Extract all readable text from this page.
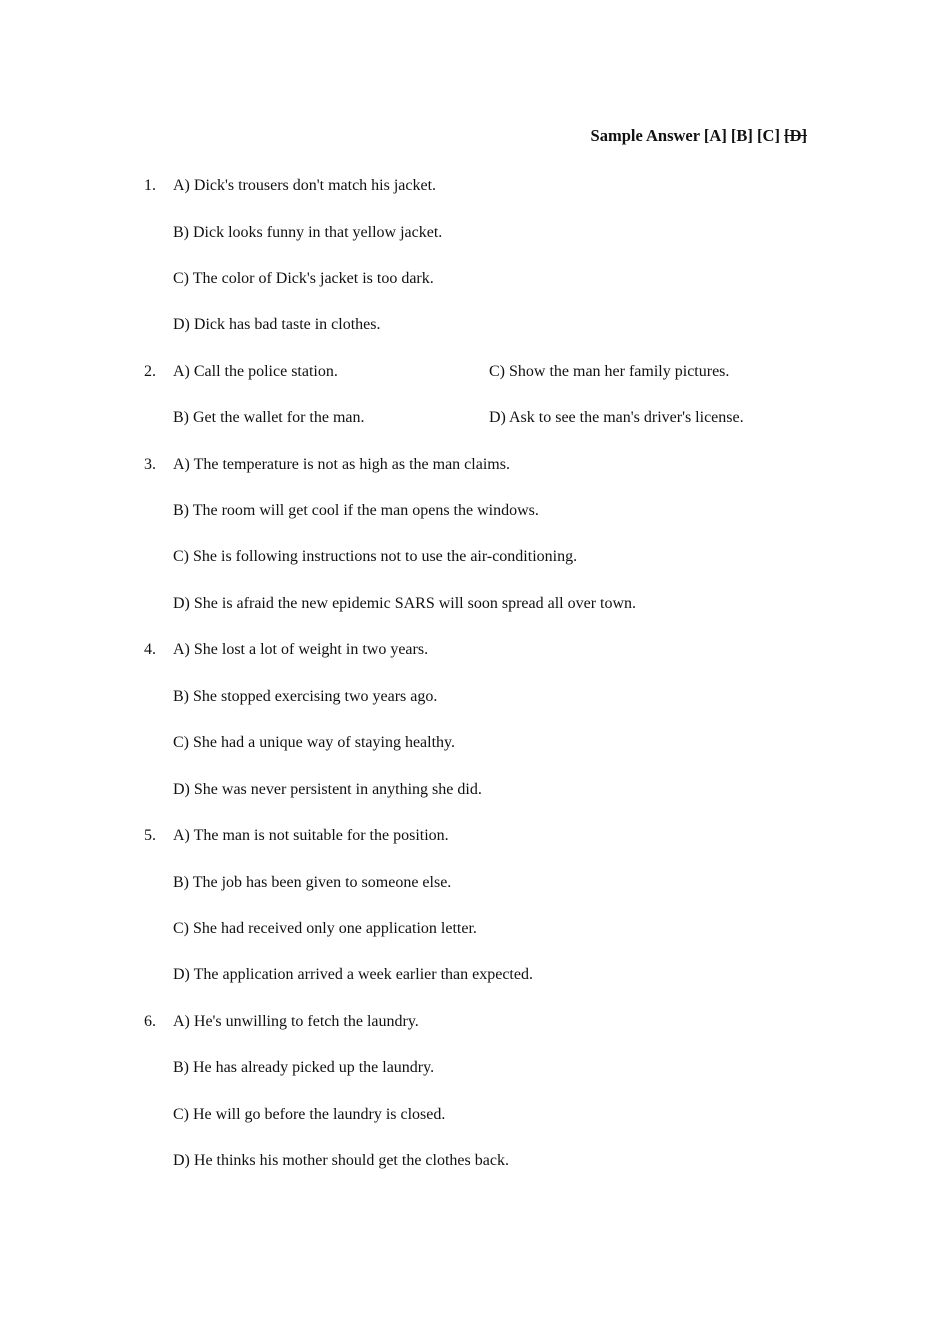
Sample Answer [A] [B] [C] [D]
1. A) Dick's trousers don't match his jacket.
B) Dick looks funny in that yellow jacket.
C) The color of Dick's jacket is too dark.
D) Dick has bad taste in clothes.
2. A) Call the police station.
B) Get the wallet for the man.
C) Show the man her family pictures.
D) Ask to see the man's driver's license.
3. A) The temperature is not as high as the man claims.
B) The room will get cool if the man opens the windows.
C) She is following instructions not to use the air-conditioning.
D) She is afraid the new epidemic SARS will soon spread all over town.
4. A) She lost a lot of weight in two years.
B) She stopped exercising two years ago.
C) She had a unique way of staying healthy.
D) She was never persistent in anything she did.
5. A) The man is not suitable for the position.
B) The job has been given to someone else.
C) She had received only one application letter.
D) The application arrived a week earlier than expected.
6. A) He's unwilling to fetch the laundry.
B) He has already picked up the laundry.
C) He will go before the laundry is closed.
D) He thinks his mother should get the clothes back.
